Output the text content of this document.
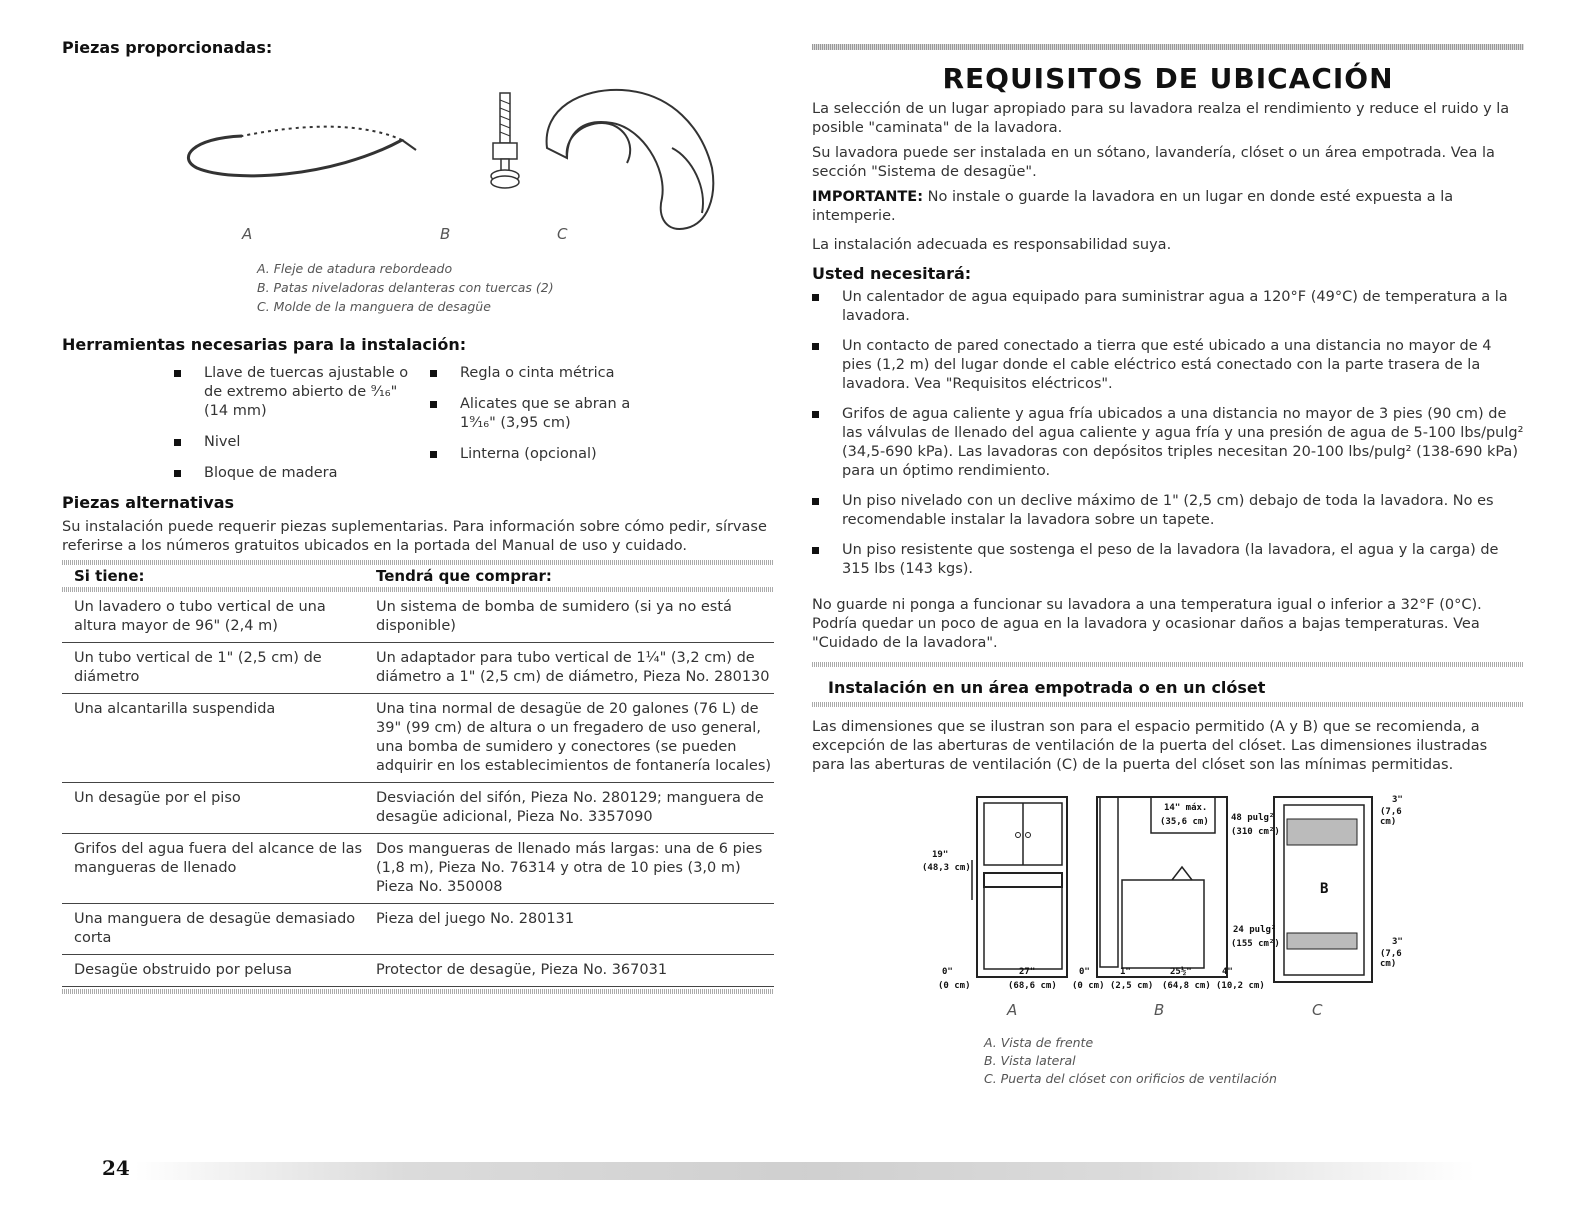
Piezas proporcionadas:
A	B	C
A. Fleje de atadura rebordeado
B. Patas niveladoras delanteras con tuercas (2)
C. Molde de la manguera de desagüe
Herramientas necesarias para la instalación:
Llave de tuercas ajustable o de extremo abierto de ⁹⁄₁₆" (14 mm)
Nivel
Bloque de madera
Regla o cinta métrica
Alicates que se abran a 1⁹⁄₁₆" (3,95 cm)
Linterna (opcional)
Piezas alternativas
Su instalación puede requerir piezas suplementarias. Para información sobre cómo pedir, sírvase referirse a los números gratuitos ubicados en la portada del Manual de uso y cuidado.
Si tiene:	Tendrá que comprar:
Un lavadero o tubo vertical de una altura mayor de 96" (2,4 m)	Un sistema de bomba de sumidero (si ya no está disponible)
Un tubo vertical de 1" (2,5 cm) de diámetro	Un adaptador para tubo vertical de 1¼" (3,2 cm) de diámetro a 1" (2,5 cm) de diámetro, Pieza No. 280130
Una alcantarilla suspendida	Una tina normal de desagüe de 20 galones (76 L) de 39" (99 cm) de altura o un fregadero de uso general, una bomba de sumidero y conectores (se pueden adquirir en los establecimientos de fontanería locales)
Un desagüe por el piso	Desviación del sifón, Pieza No. 280129; manguera de desagüe adicional, Pieza No. 3357090
Grifos del agua fuera del alcance de las mangueras de llenado	Dos mangueras de llenado más largas: una de 6 pies (1,8 m), Pieza No. 76314 y otra de 10 pies (3,0 m) Pieza No. 350008
Una manguera de desagüe demasiado corta	Pieza del juego No. 280131
Desagüe obstruido por pelusa	Protector de desagüe, Pieza No. 367031
REQUISITOS DE UBICACIÓN
La selección de un lugar apropiado para su lavadora realza el rendimiento y reduce el ruido y la posible "caminata" de la lavadora.
Su lavadora puede ser instalada en un sótano, lavandería, clóset o un área empotrada. Vea la sección "Sistema de desagüe".
IMPORTANTE: No instale o guarde la lavadora en un lugar en donde esté expuesta a la intemperie.
La instalación adecuada es responsabilidad suya.
Usted necesitará:
Un calentador de agua equipado para suministrar agua a 120°F (49°C) de temperatura a la lavadora.
Un contacto de pared conectado a tierra que esté ubicado a una distancia no mayor de 4 pies (1,2 m) del lugar donde el cable eléctrico está conectado con la parte trasera de la lavadora. Vea "Requisitos eléctricos".
Grifos de agua caliente y agua fría ubicados a una distancia no mayor de 3 pies (90 cm) de las válvulas de llenado del agua caliente y agua fría y una presión de agua de 5-100 lbs/pulg² (34,5-690 kPa). Las lavadoras con depósitos triples necesitan 20-100 lbs/pulg² (138-690 kPa) para un óptimo rendimiento.
Un piso nivelado con un declive máximo de 1" (2,5 cm) debajo de toda la lavadora. No es recomendable instalar la lavadora sobre un tapete.
Un piso resistente que sostenga el peso de la lavadora (la lavadora, el agua y la carga) de 315 lbs (143 kgs).
No guarde ni ponga a funcionar su lavadora a una temperatura igual o inferior a 32°F (0°C). Podría quedar un poco de agua en la lavadora y ocasionar daños a bajas temperaturas. Vea "Cuidado de la lavadora".
Instalación en un área empotrada o en un clóset
Las dimensiones que se ilustran son para el espacio permitido (A y B) que se recomienda, a excepción de las aberturas de ventilación de la puerta del clóset. Las dimensiones ilustradas para las aberturas de ventilación (C) de la puerta del clóset son las mínimas permitidas.
19"
(48,3 cm)
0"
(0 cm)
27"
(68,6 cm)
0"
(0 cm)
1"
(2,5 cm)
25½"
(64,8 cm)
4"
(10,2 cm)
14" máx.
(35,6 cm) 48 pulg²
(310 cm²)
24 pulg²
(155 cm²)
3"
(7,6 cm)
3"
(7,6 cm)
B
A	B	C
A. Vista de frente
B. Vista lateral
C. Puerta del clóset con orificios de ventilación
24
